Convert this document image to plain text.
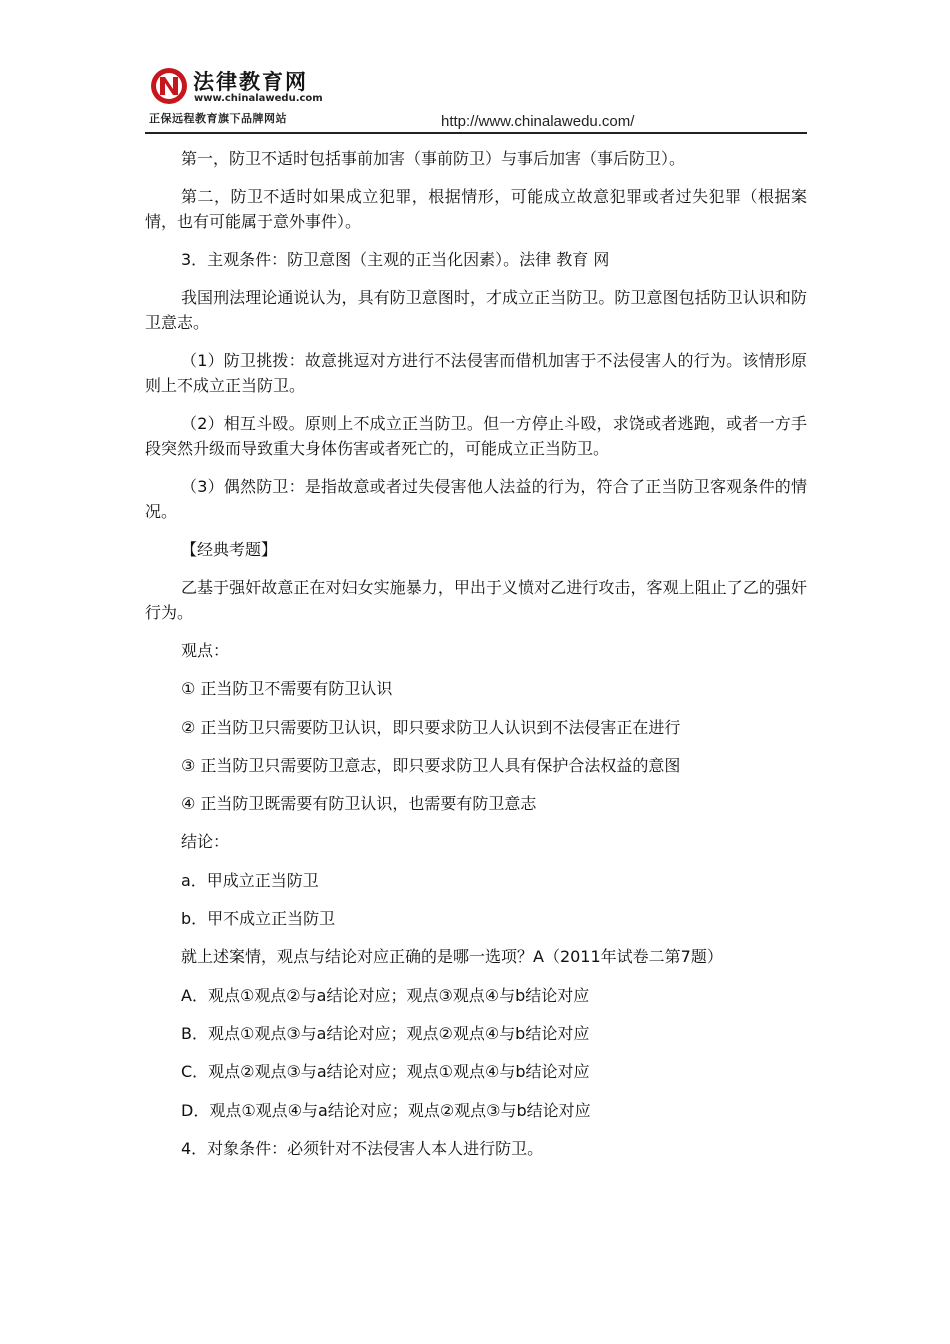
法律教育网
www.chinalawedu.com
正保远程教育旗下品牌网站	http://www.chinalawedu.com/

第一，防卫不适时包括事前加害（事前防卫）与事后加害（事后防卫）。

第二，防卫不适时如果成立犯罪，根据情形，可能成立故意犯罪或者过失犯罪（根据案情，也有可能属于意外事件）。

3．主观条件：防卫意图（主观的正当化因素）。法律 教育 网

我国刑法理论通说认为，具有防卫意图时，才成立正当防卫。防卫意图包括防卫认识和防卫意志。

（1）防卫挑拨：故意挑逗对方进行不法侵害而借机加害于不法侵害人的行为。该情形原则上不成立正当防卫。

（2）相互斗殴。原则上不成立正当防卫。但一方停止斗殴，求饶或者逃跑，或者一方手段突然升级而导致重大身体伤害或者死亡的，可能成立正当防卫。

（3）偶然防卫：是指故意或者过失侵害他人法益的行为，符合了正当防卫客观条件的情况。

【经典考题】

乙基于强奸故意正在对妇女实施暴力，甲出于义愤对乙进行攻击，客观上阻止了乙的强奸行为。

观点：

① 正当防卫不需要有防卫认识

② 正当防卫只需要防卫认识，即只要求防卫人认识到不法侵害正在进行

③ 正当防卫只需要防卫意志，即只要求防卫人具有保护合法权益的意图

④ 正当防卫既需要有防卫认识，也需要有防卫意志

结论：

a．甲成立正当防卫

b．甲不成立正当防卫

就上述案情，观点与结论对应正确的是哪一选项？A（2011年试卷二第7题）

A．观点①观点②与a结论对应；观点③观点④与b结论对应

B．观点①观点③与a结论对应；观点②观点④与b结论对应

C．观点②观点③与a结论对应；观点①观点④与b结论对应

D．观点①观点④与a结论对应；观点②观点③与b结论对应

4．对象条件：必须针对不法侵害人本人进行防卫。
